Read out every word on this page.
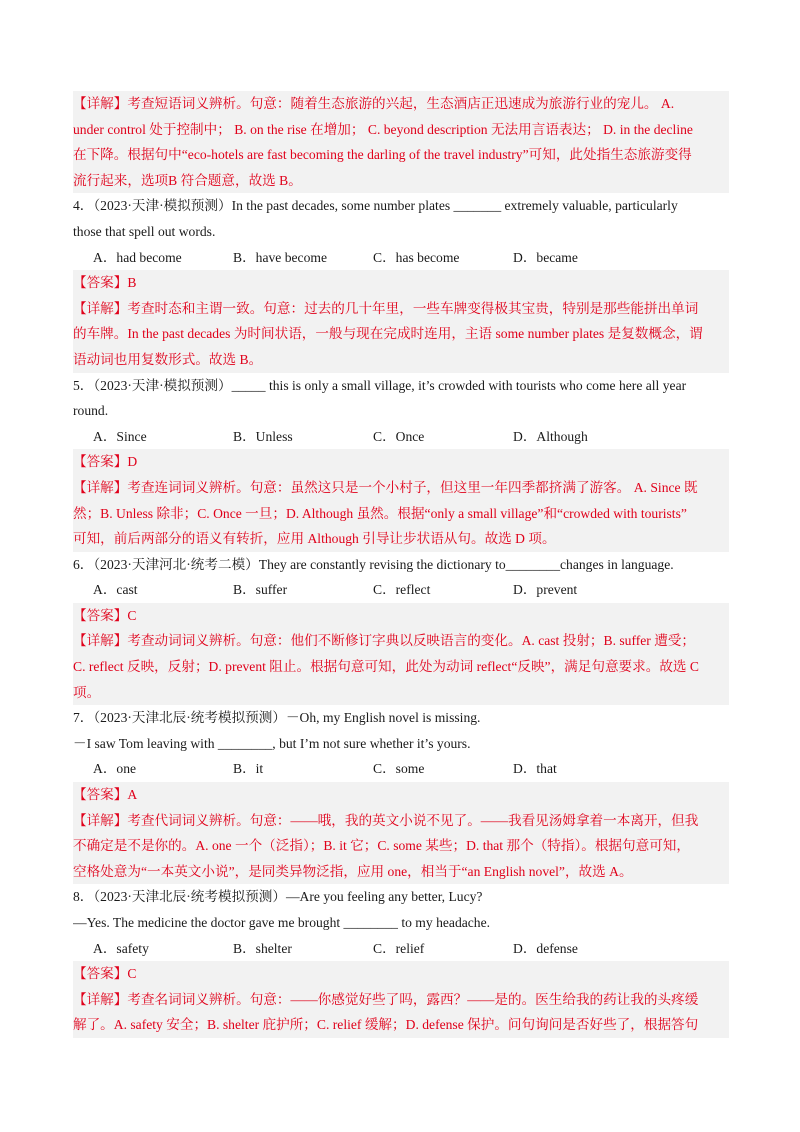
【详解】考查短语词义辨析。句意：随着生态旅游的兴起，生态酒店正迅速成为旅游行业的宠儿。 A.
under control 处于控制中； B. on the rise 在增加； C. beyond description 无法用言语表达； D. in the decline
在下降。根据句中“eco-hotels are fast becoming the darling of the travel industry”可知，此处指生态旅游变得
流行起来，选项B 符合题意，故选 B。
4．（2023·天津·模拟预测）In the past decades, some number plates _______ extremely valuable, particularly
those that spell out words.
A．had become	B．have become	C．has become	D．became
【答案】B
【详解】考查时态和主谓一致。句意：过去的几十年里，一些车牌变得极其宝贵，特别是那些能拼出单词
的车牌。In the past decades 为时间状语，一般与现在完成时连用，主语 some number plates 是复数概念，谓
语动词也用复数形式。故选 B。
5．（2023·天津·模拟预测）_____ this is only a small village, it’s crowded with tourists who come here all year
round.
A．Since	B．Unless	C．Once	D．Although
【答案】D
【详解】考查连词词义辨析。句意：虽然这只是一个小村子，但这里一年四季都挤满了游客。 A. Since 既
然；B. Unless 除非；C. Once 一旦；D. Although 虽然。根据“only a small village”和“crowded with tourists”
可知，前后两部分的语义有转折，应用 Although 引导让步状语从句。故选 D 项。
6．（2023·天津河北·统考二模）They are constantly revising the dictionary to________changes in language.
A．cast	B．suffer	C．reflect	D．prevent
【答案】C
【详解】考查动词词义辨析。句意：他们不断修订字典以反映语言的变化。A. cast 投射；B. suffer 遭受；
C. reflect 反映，反射；D. prevent 阻止。根据句意可知，此处为动词 reflect“反映”，满足句意要求。故选 C
项。
7．（2023·天津北辰·统考模拟预测）－Oh, my English novel is missing.
－I saw Tom leaving with ________, but I’m not sure whether it’s yours.
A．one	B．it	C．some	D．that
【答案】A
【详解】考查代词词义辨析。句意：——哦，我的英文小说不见了。——我看见汤姆拿着一本离开，但我
不确定是不是你的。A. one 一个（泛指）；B. it 它；C. some 某些；D. that 那个（特指）。根据句意可知，
空格处意为“一本英文小说”，是同类异物泛指，应用 one，相当于“an English novel”，故选 A。
8．（2023·天津北辰·统考模拟预测）—Are you feeling any better, Lucy?
—Yes. The medicine the doctor gave me brought ________ to my headache.
A．safety	B．shelter	C．relief	D．defense
【答案】C
【详解】考查名词词义辨析。句意：——你感觉好些了吗，露西？——是的。医生给我的药让我的头疼缓
解了。A. safety 安全；B. shelter 庇护所；C. relief 缓解；D. defense 保护。问句询问是否好些了，根据答句
